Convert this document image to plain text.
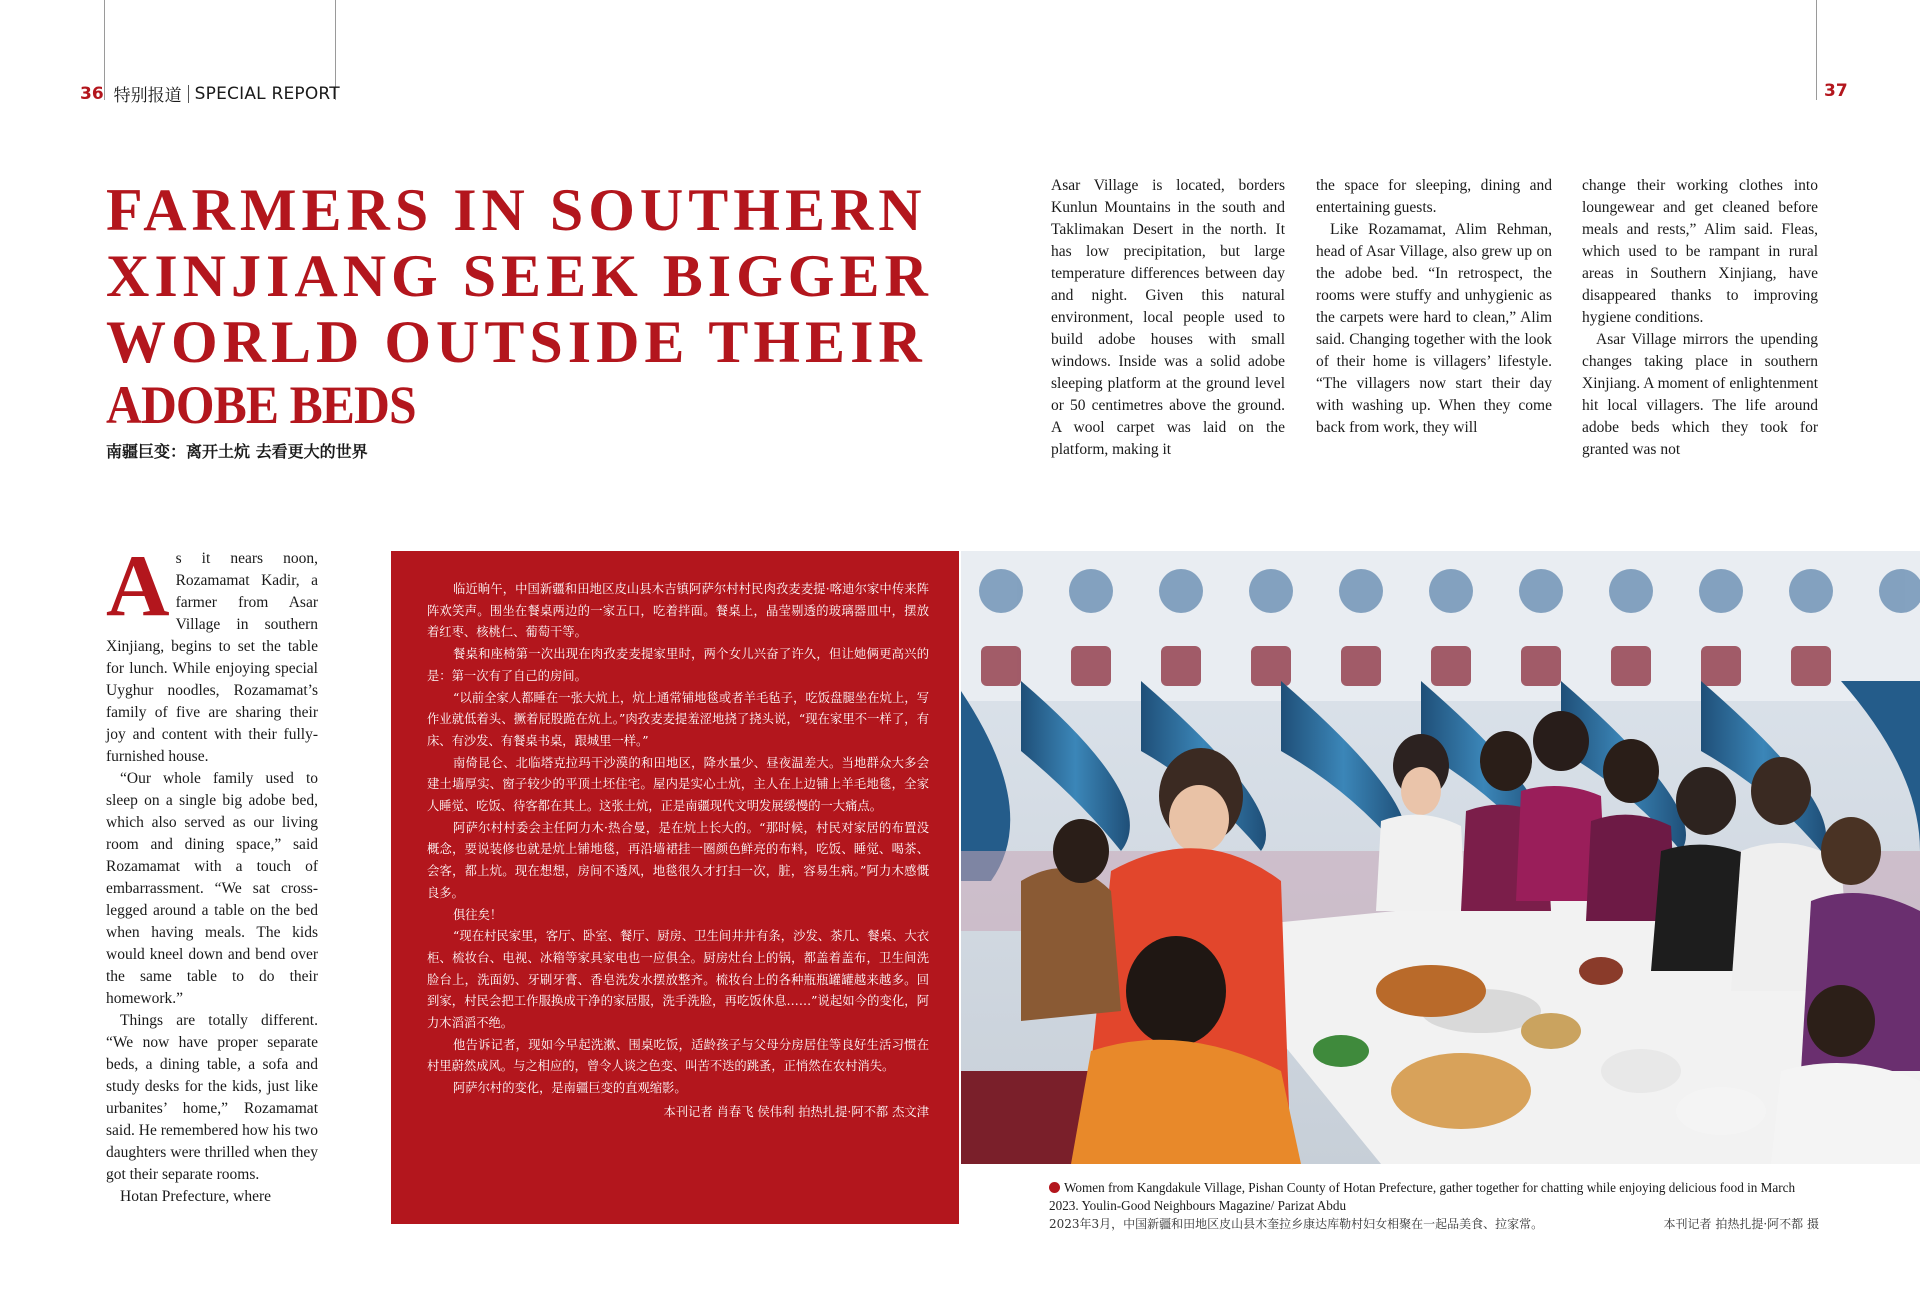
36 特别报道 SPECIAL REPORT	37
FARMERS IN SOUTHERN
XINJIANG SEEK BIGGER
WORLD OUTSIDE THEIR
ADOBE BEDS
南疆巨变：离开土炕 去看更大的世界
A s it nears noon, Rozamamat Kadir, a farmer from Asar Village in southern Xinjiang, begins to set the table for lunch. While enjoying special Uyghur noodles, Rozamamat’s family of five are sharing their joy and content with their fully-furnished house.

“Our whole family used to sleep on a single big adobe bed, which also served as our living room and dining space,” said Rozamamat with a touch of embarrassment. “We sat cross-legged around a table on the bed when having meals. The kids would kneel down and bend over the same table to do their homework.”

Things are totally different. “We now have proper separate beds, a dining table, a sofa and study desks for the kids, just like urbanites’ home,” Rozamamat said. He remembered how his two daughters were thrilled when they got their separate rooms.

Hotan Prefecture, where

Asar Village is located, borders Kunlun Mountains in the south and Taklimakan Desert in the north. It has low precipitation, but large temperature differences between day and night. Given this natural environment, local people used to build adobe houses with small windows. Inside was a solid adobe sleeping platform at the ground level or 50 centimetres above the ground. A wool carpet was laid on the platform, making it

the space for sleeping, dining and entertaining guests.

Like Rozamamat, Alim Rehman, head of Asar Village, also grew up on the adobe bed. “In retrospect, the rooms were stuffy and unhygienic as the carpets were hard to clean,” Alim said. Changing together with the look of their home is villagers’ lifestyle. “The villagers now start their day with washing up. When they come back from work, they will

change their working clothes into loungewear and get cleaned before meals and rests,” Alim said. Fleas, which used to be rampant in rural areas in Southern Xinjiang, have disappeared thanks to improving hygiene conditions.

Asar Village mirrors the upending changes taking place in southern Xinjiang. A moment of enlightenment hit local villagers. The life around adobe beds which they took for granted was not

临近晌午，中国新疆和田地区皮山县木吉镇阿萨尔村村民肉孜麦麦提·喀迪尔家中传来阵阵欢笑声。围坐在餐桌两边的一家五口，吃着拌面。餐桌上，晶莹剔透的玻璃器皿中，摆放着红枣、核桃仁、葡萄干等。

餐桌和座椅第一次出现在肉孜麦麦提家里时，两个女儿兴奋了许久，但让她俩更高兴的是：第一次有了自己的房间。

“以前全家人都睡在一张大炕上，炕上通常铺地毯或者羊毛毡子，吃饭盘腿坐在炕上，写作业就低着头、撅着屁股跪在炕上。”肉孜麦麦提羞涩地挠了挠头说，“现在家里不一样了，有床、有沙发、有餐桌书桌，跟城里一样。”

南倚昆仑、北临塔克拉玛干沙漠的和田地区，降水量少、昼夜温差大。当地群众大多会建土墙厚实、窗子较少的平顶土坯住宅。屋内是实心土炕，主人在上边铺上羊毛地毯，全家人睡觉、吃饭、待客都在其上。这张土炕，正是南疆现代文明发展缓慢的一大痛点。

阿萨尔村村委会主任阿力木·热合曼，是在炕上长大的。“那时候，村民对家居的布置没概念，要说装修也就是炕上铺地毯，再沿墙裙挂一圈颜色鲜亮的布料，吃饭、睡觉、喝茶、会客，都上炕。现在想想，房间不透风，地毯很久才打扫一次，脏，容易生病。”阿力木感慨良多。

俱往矣！

“现在村民家里，客厅、卧室、餐厅、厨房、卫生间井井有条，沙发、茶几、餐桌、大衣柜、梳妆台、电视、冰箱等家具家电也一应俱全。厨房灶台上的锅，都盖着盖布，卫生间洗脸台上，洗面奶、牙刷牙膏、香皂洗发水摆放整齐。梳妆台上的各种瓶瓶罐罐越来越多。回到家，村民会把工作服换成干净的家居服，洗手洗脸，再吃饭休息……”说起如今的变化，阿力木滔滔不绝。

他告诉记者，现如今早起洗漱、围桌吃饭，适龄孩子与父母分房居住等良好生活习惯在村里蔚然成风。与之相应的，曾令人谈之色变、叫苦不迭的跳蚤，正悄然在农村消失。

阿萨尔村的变化，是南疆巨变的直观缩影。

本刊记者 肖春飞 侯伟利 拍热扎提·阿不都 杰文津

Women from Kangdakule Village, Pishan County of Hotan Prefecture, gather together for chatting while enjoying delicious food in March 2023. Youlin-Good Neighbours Magazine/ Parizat Abdu
2023年3月，中国新疆和田地区皮山县木奎拉乡康达库勒村妇女相聚在一起品美食、拉家常。	本刊记者 拍热扎提·阿不都 摄
